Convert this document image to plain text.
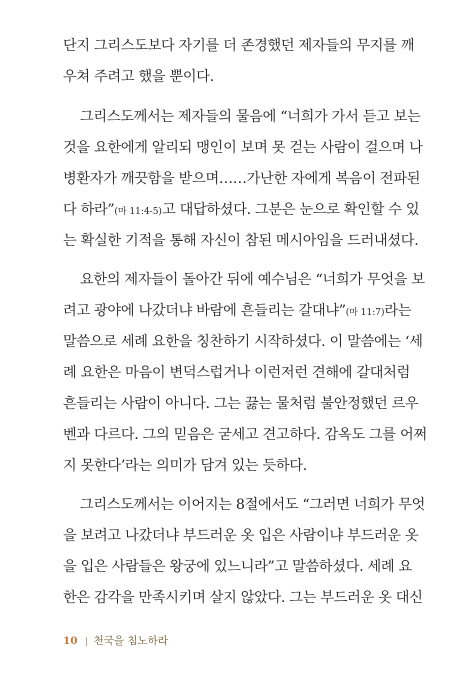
단지 그리스도보다 자기를 더 존경했던 제자들의 무지를 깨
우쳐 주려고 했을 뿐이다.
그리스도께서는 제자들의 물음에 “너희가 가서 듣고 보는
것을 요한에게 알리되 맹인이 보며 못 걷는 사람이 걸으며 나
병환자가 깨끗함을 받으며……가난한 자에게 복음이 전파된
다 하라”(마 11:4-5)고 대답하셨다. 그분은 눈으로 확인할 수 있
는 확실한 기적을 통해 자신이 참된 메시아임을 드러내셨다.
요한의 제자들이 돌아간 뒤에 예수님은 “너희가 무엇을 보
려고 광야에 나갔더냐 바람에 흔들리는 갈대냐”(마 11:7)라는
말씀으로 세례 요한을 칭찬하기 시작하셨다. 이 말씀에는 ‘세
례 요한은 마음이 변덕스럽거나 이런저런 견해에 갈대처럼
흔들리는 사람이 아니다. 그는 끓는 물처럼 불안정했던 르우
벤과 다르다. 그의 믿음은 굳세고 견고하다. 감옥도 그를 어쩌
지 못한다’라는 의미가 담겨 있는 듯하다.
그리스도께서는 이어지는 8절에서도 “그러면 너희가 무엇
을 보려고 나갔더냐 부드러운 옷 입은 사람이냐 부드러운 옷
을 입은 사람들은 왕궁에 있느니라”고 말씀하셨다. 세례 요
한은 감각을 만족시키며 살지 않았다. 그는 부드러운 옷 대신
10 천국을 침노하라
